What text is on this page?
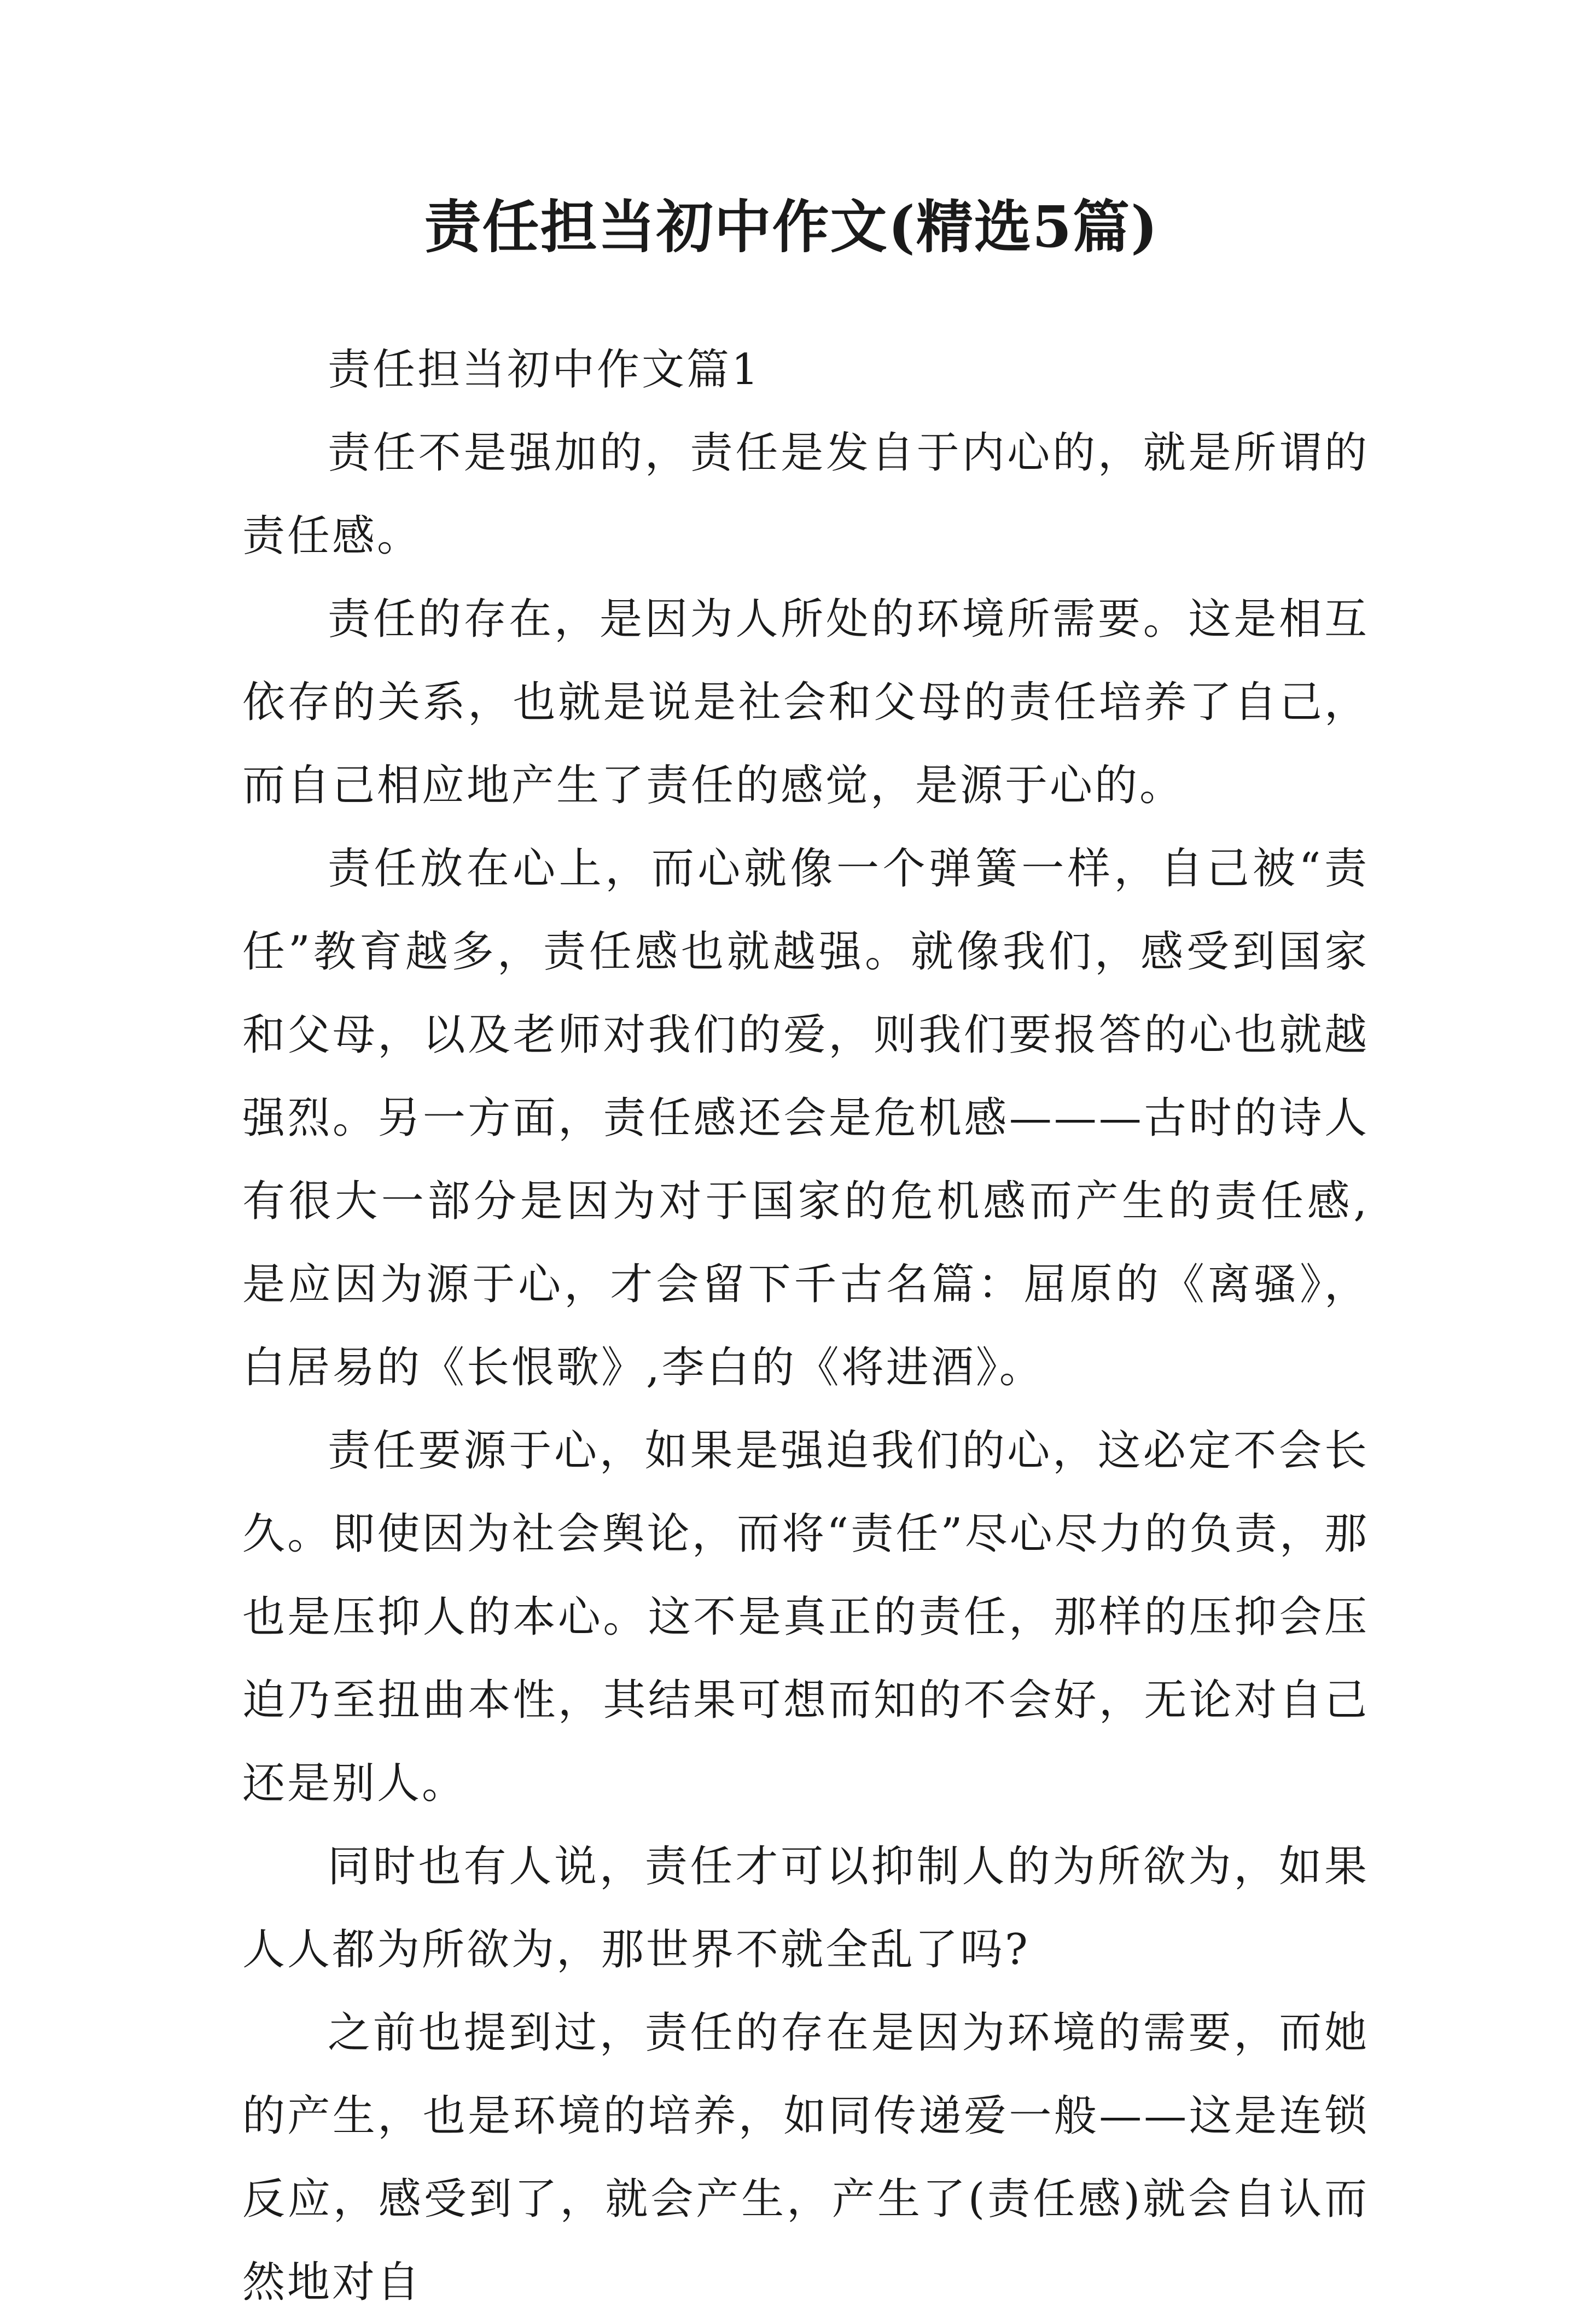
责任担当初中作文(精选5篇)

责任担当初中作文篇1

责任不是强加的，责任是发自于内心的，就是所谓的责任感。

责任的存在，是因为人所处的环境所需要。这是相互依存的关系，也就是说是社会和父母的责任培养了自己，而自己相应地产生了责任的感觉，是源于心的。

责任放在心上，而心就像一个弹簧一样，自己被“责任”教育越多，责任感也就越强。就像我们，感受到国家和父母，以及老师对我们的爱，则我们要报答的心也就越强烈。另一方面，责任感还会是危机感———古时的诗人有很大一部分是因为对于国家的危机感而产生的责任感,是应因为源于心，才会留下千古名篇：屈原的《离骚》，白居易的《长恨歌》,李白的《将进酒》。

责任要源于心，如果是强迫我们的心，这必定不会长久。即使因为社会舆论，而将“责任”尽心尽力的负责，那也是压抑人的本心。这不是真正的责任，那样的压抑会压迫乃至扭曲本性，其结果可想而知的不会好，无论对自己还是别人。

同时也有人说，责任才可以抑制人的为所欲为，如果人人都为所欲为，那世界不就全乱了吗?

之前也提到过，责任的存在是因为环境的需要，而她的产生，也是环境的培养，如同传递爱一般——这是连锁反应，感受到了，就会产生，产生了(责任感)就会自认而然地对自
